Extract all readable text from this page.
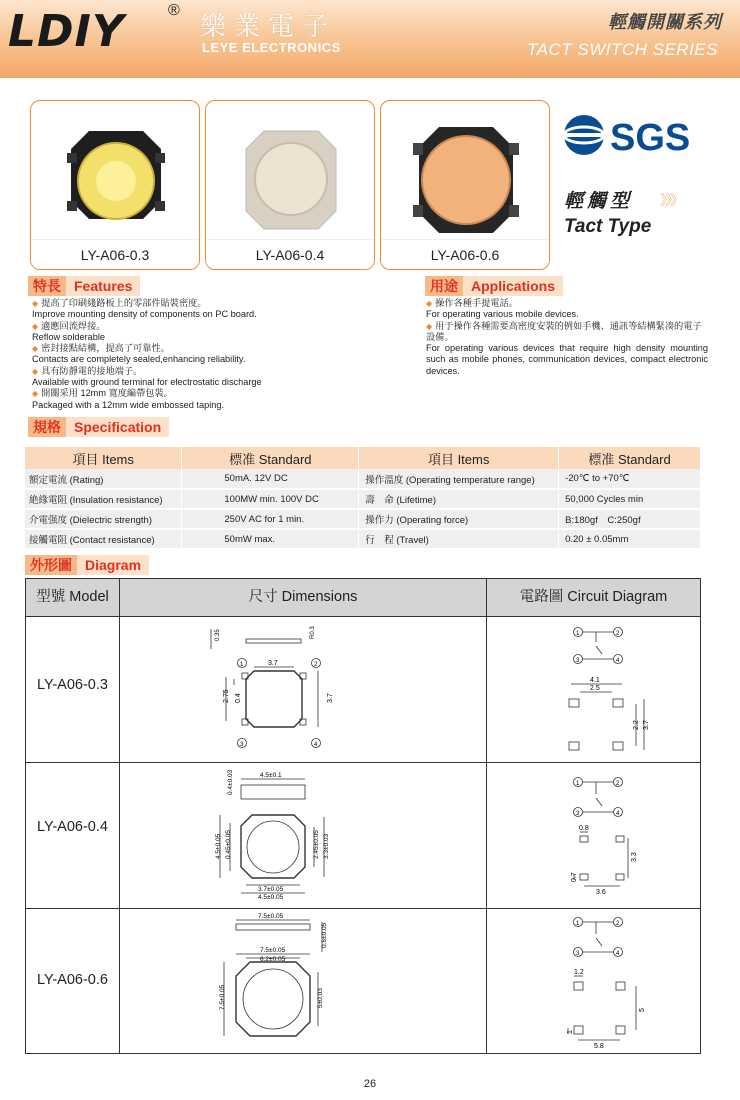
LDIY	®
樂業電子
LEYE ELECTRONICS
輕觸開關系列
TACT SWITCH SERIES
LY-A06-0.3	LY-A06-0.4	LY-A06-0.6
SGS
輕觸型 》》》
Tact Type
特長 Features
◆ 提高了印刷綫路板上的零部件貼裝密度。
Improve mounting density of components on PC board.
◆ 適應回流焊接。
Reflow solderable
◆ 密封接點結構，提高了可靠性。
Contacts are completely sealed,enhancing reliability.
◆ 具有防靜電的接地端子。
Available with ground terminal for electrostatic discharge
◆ 開關采用 12mm 寬度編帶包裝。
Packaged with a 12mm wide embossed taping.
用途 Applications
◆ 操作各種手提電話。
For operating various mobile devices.
◆ 用于操作各種需要高密度安裝的例如手機、通訊等結構緊凑的電子設備。
For operating various devices that require high density mounting such as mobile phones, communication devices, compact electronic devices.
規格 Specification
項目 Items	標准 Standard	項目 Items	標准 Standard
額定電流 (Rating)	50mA. 12V DC	操作溫度 (Operating temperature range)	-20℃ to +70℃
絶緣電阻 (Insulation resistance)	100MW min. 100V DC	壽　命 (Lifetime)	50,000 Cycles min
介電强度 (Dielectric strength)	250V AC for 1 min.	操作力 (Operating force)	B:180gf　C:250gf
接觸電阻 (Contact resistance)	50mW max.	行　程 (Travel)	0.20 ± 0.05mm
外形圖 Diagram
型號 Model	尺寸 Dimensions	電路圖 Circuit Diagram
LY-A06-0.3
LY-A06-0.4
LY-A06-0.6
1	2
3	4
3.7
0.35	R0.3
2.75 0.4	3.7
1	2
3	4
4.1
2.5
2.2 3.7
4.5±0.1
0.4±0.03
4.5±0.05 0.45±0.05	2.45±0.05 3.3±0.03
3.7±0.05
4.5±0.05
1	2
3	4
0.8
0.7
3.3
3.6
7.5±0.05
0.6±0.05
7.5±0.05
6.2±0.05
7.5±0.05	5±0.03
1	2
3	4
1.2
1
5
5.8
26
